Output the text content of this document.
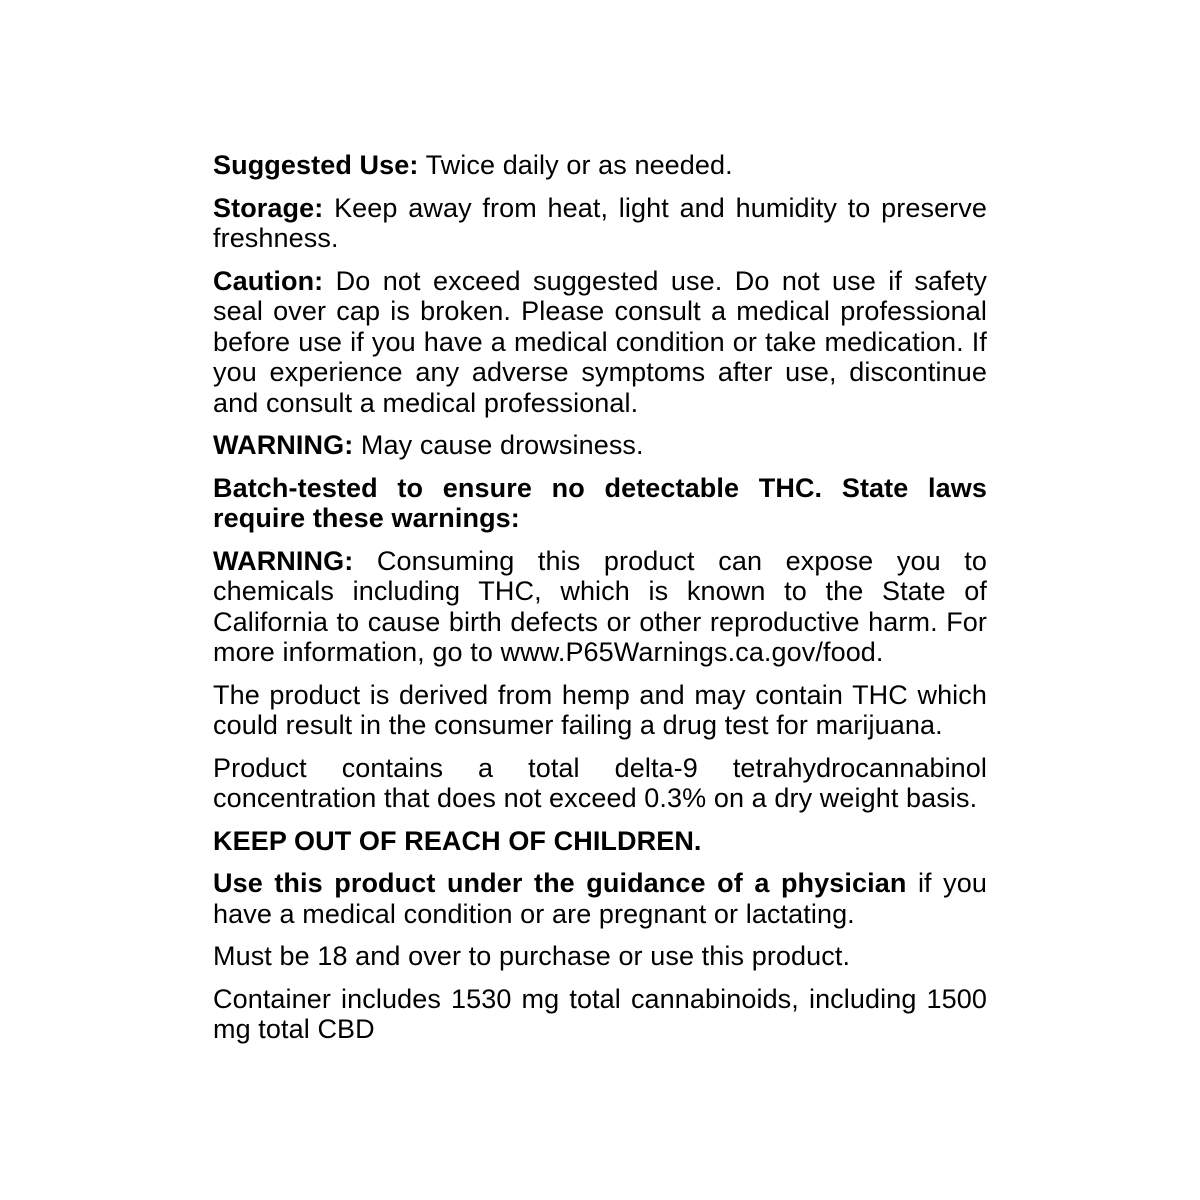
Suggested Use: Twice daily or as needed.

Storage: Keep away from heat, light and humidity to preserve freshness.

Caution: Do not exceed suggested use. Do not use if safety seal over cap is broken. Please consult a medical professional before use if you have a medical condition or take medication. If you experience any adverse symptoms after use, discontinue and consult a medical professional.

WARNING: May cause drowsiness.

Batch-tested to ensure no detectable THC. State laws require these warnings:

WARNING: Consuming this product can expose you to chemicals including THC, which is known to the State of California to cause birth defects or other reproductive harm. For more information, go to www.P65Warnings.ca.gov/food.

The product is derived from hemp and may contain THC which could result in the consumer failing a drug test for marijuana.

Product contains a total delta-9 tetrahydrocannabinol concentration that does not exceed 0.3% on a dry weight basis.

KEEP OUT OF REACH OF CHILDREN.

Use this product under the guidance of a physician if you have a medical condition or are pregnant or lactating.

Must be 18 and over to purchase or use this product.

Container includes 1530 mg total cannabinoids, including 1500 mg total CBD
